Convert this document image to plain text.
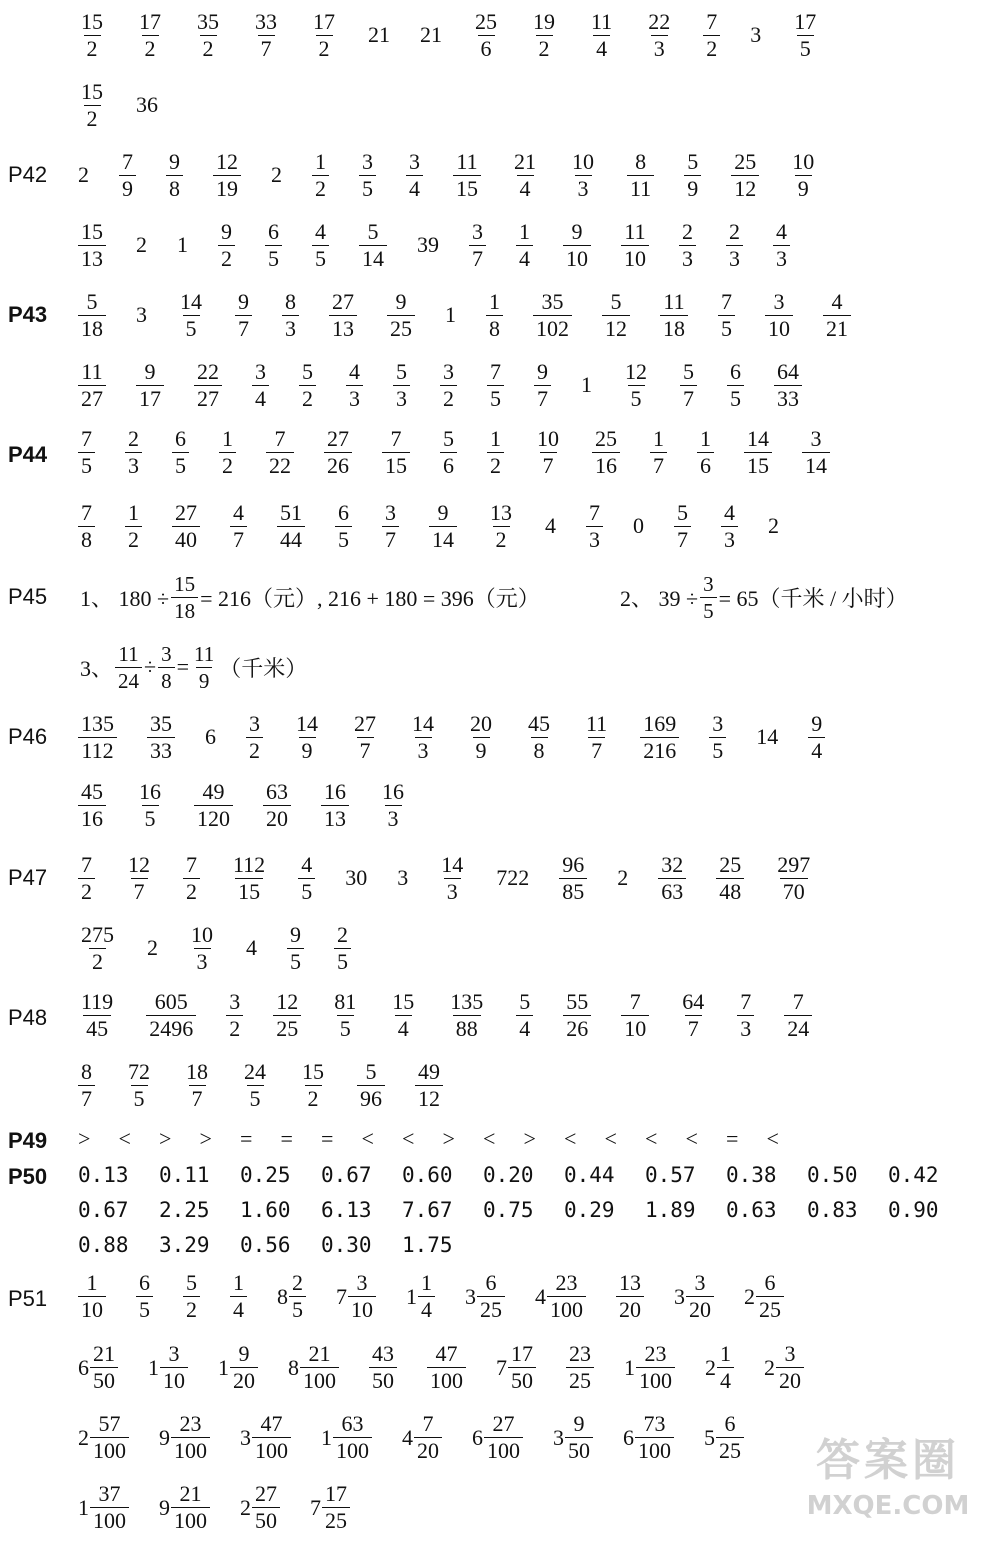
$\frac{15}{2} \frac{17}{2} \frac{35}{2} \frac{33}{7} \frac{17}{2} 21$ $21 \frac{25}{6} \frac{19}{2} \frac{11}{4} \frac{22}{3} \frac{7}{2} 3 \frac{17}{5}$
$\frac{15}{2} 36$
P42 $2 \frac{7}{9} \frac{9}{8} \frac{12}{19} 2 \frac{1}{2} \frac{3}{5} \frac{3}{4} \frac{11}{15} \frac{21}{4} \frac{10}{3} \frac{8}{11} \frac{5}{9} \frac{25}{12} \frac{10}{9}$
$\frac{15}{13} 2$ $1 \frac{9}{2} \frac{6}{5} \frac{4}{5} \frac{5}{14} 39 \frac{3}{7} \frac{1}{4} \frac{9}{10} \frac{11}{10} \frac{2}{3} \frac{2}{3} \frac{4}{3}$
$P43 \frac{5}{18} 3 \frac{14}{5} \frac{9}{7} \frac{8}{3} \frac{27}{13} \frac{9}{25} 1 \frac{1}{8} \frac{35}{102} \frac{5}{12} \frac{11}{18} \frac{7}{5} \frac{3}{10} \frac{4}{21}$
$\frac{11}{27} \frac{9}{17} \frac{22}{27} \frac{3}{4} \frac{5}{2} \frac{4}{3} \frac{5}{3} \frac{3}{2} \frac{7}{5} \frac{9}{7} 1 \frac{12}{5} \frac{5}{7} \frac{6}{5} \frac{64}{33}$
$P44 \frac{7}{5} \frac{2}{3} \frac{6}{5} \frac{1}{2} \frac{7}{22} \frac{27}{26} \frac{7}{15} \frac{5}{6} \frac{1}{2} \frac{10}{7} \frac{25}{16} \frac{1}{7} \frac{1}{6} \frac{14}{15} \frac{3}{14}$
$\frac{7}{8} \frac{1}{2} \frac{27}{40} \frac{4}{7} \frac{51}{44} \frac{6}{5} \frac{3}{7} \frac{9}{14} \frac{13}{2} 4 \frac{7}{3} 0 \frac{5}{7} \frac{4}{3} 2$
P45 1、 $180 \div \frac{15}{18} = 216$（元）, 216 + 180 = 396（元）	2、 $39 \div \frac{3}{5} = 65$（千米 / 小时）
3、 $\frac{11}{24} \div \frac{3}{8} = \frac{11}{9}$ （千米）
$P46 \frac{135}{112} \frac{35}{33} 6 \frac{3}{2} \frac{14}{9} \frac{27}{7} \frac{14}{3} \frac{20}{9} \frac{45}{8} \frac{11}{7} \frac{169}{216} \frac{3}{5} 14 \frac{9}{4}$
$\frac{45}{16} \frac{16}{5} \frac{49}{120} \frac{63}{20} \frac{16}{13} \frac{16}{3}$
$P47 \frac{7}{2} \frac{12}{7} \frac{7}{2} \frac{112}{15} \frac{4}{5} 30$ $3 \frac{14}{3} 722 \frac{96}{85} 2 \frac{32}{63} \frac{25}{48} \frac{297}{70}$
$\frac{275}{2} 2 \frac{10}{3} 4 \frac{9}{5} \frac{2}{5}$
$P48 \frac{119}{45} \frac{605}{2496} \frac{3}{2} \frac{12}{25} \frac{81}{5} \frac{15}{4} \frac{135}{88} \frac{5}{4} \frac{55}{26} \frac{7}{10} \frac{64}{7} \frac{7}{3} \frac{7}{24}$
$\frac{8}{7} \frac{72}{5} \frac{18}{7} \frac{24}{5} \frac{15}{2} \frac{5}{96} \frac{49}{12}$
P49 > < > > = = = < < > < > < < < < = <
P50 0.13 0.11 0.25 0.67 0.60 0.20 0.44 0.57 0.38 0.50 0.42
0.67 2.25 1.60 6.13 7.67 0.75 0.29 1.89 0.63 0.83 0.90
0.88 3.29 0.56 0.30 1.75
$P51 \frac{1}{10} \frac{6}{5} \frac{5}{2} \frac{1}{4} 8 \frac{2}{5} 7 \frac{3}{10} 1 \frac{1}{4} 3 \frac{6}{25} 4 \frac{23}{100} \frac{13}{20} 3 \frac{3}{20} 2 \frac{6}{25}$
$6 \frac{21}{50} 1 \frac{3}{10} 1 \frac{9}{20} 8 \frac{21}{100} \frac{43}{50} \frac{47}{100} 7 \frac{17}{50} \frac{23}{25} 1 \frac{23}{100} 2 \frac{1}{4} 2 \frac{3}{20}$
$2 \frac{57}{100} 9 \frac{23}{100} 3 \frac{47}{100} 1 \frac{63}{100} 4 \frac{7}{20} 6 \frac{27}{100} 3 \frac{9}{50} 6 \frac{73}{100} 5 \frac{6}{25}$
$1 \frac{37}{100} 9 \frac{21}{100} 2 \frac{27}{50} 7 \frac{17}{25}$
答案圈
MXQE.COM
